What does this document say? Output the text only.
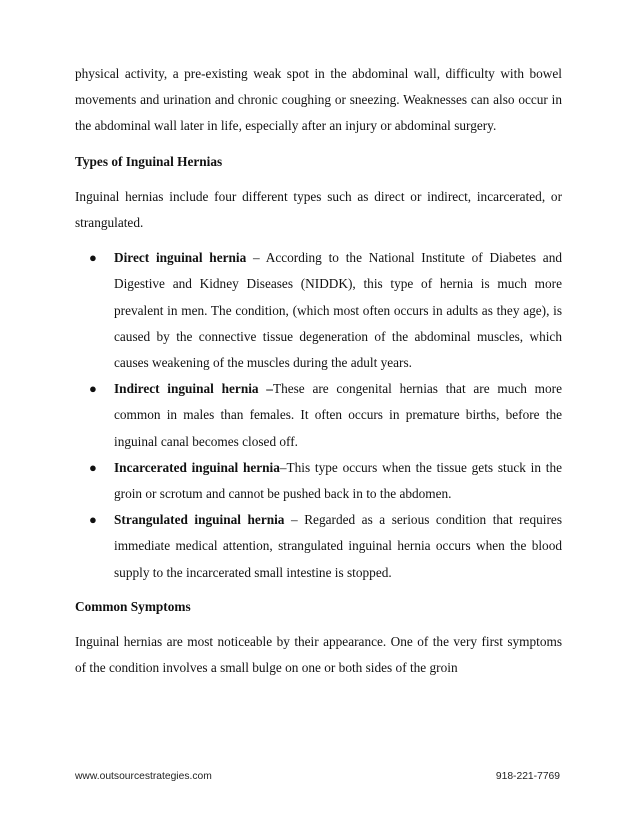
physical activity, a pre-existing weak spot in the abdominal wall, difficulty with bowel movements and urination and chronic coughing or sneezing. Weaknesses can also occur in the abdominal wall later in life, especially after an injury or abdominal surgery.

Types of Inguinal Hernias

Inguinal hernias include four different types such as direct or indirect, incarcerated, or strangulated.

● Direct inguinal hernia – According to the National Institute of Diabetes and Digestive and Kidney Diseases (NIDDK), this type of hernia is much more prevalent in men. The condition, (which most often occurs in adults as they age), is caused by the connective tissue degeneration of the abdominal muscles, which causes weakening of the muscles during the adult years.
● Indirect inguinal hernia –These are congenital hernias that are much more common in males than females. It often occurs in premature births, before the inguinal canal becomes closed off.
● Incarcerated inguinal hernia–This type occurs when the tissue gets stuck in the groin or scrotum and cannot be pushed back in to the abdomen.
● Strangulated inguinal hernia – Regarded as a serious condition that requires immediate medical attention, strangulated inguinal hernia occurs when the blood supply to the incarcerated small intestine is stopped.
Common Symptoms

Inguinal hernias are most noticeable by their appearance. One of the very first symptoms of the condition involves a small bulge on one or both sides of the groin

www.outsourcestrategies.com	918-221-7769
